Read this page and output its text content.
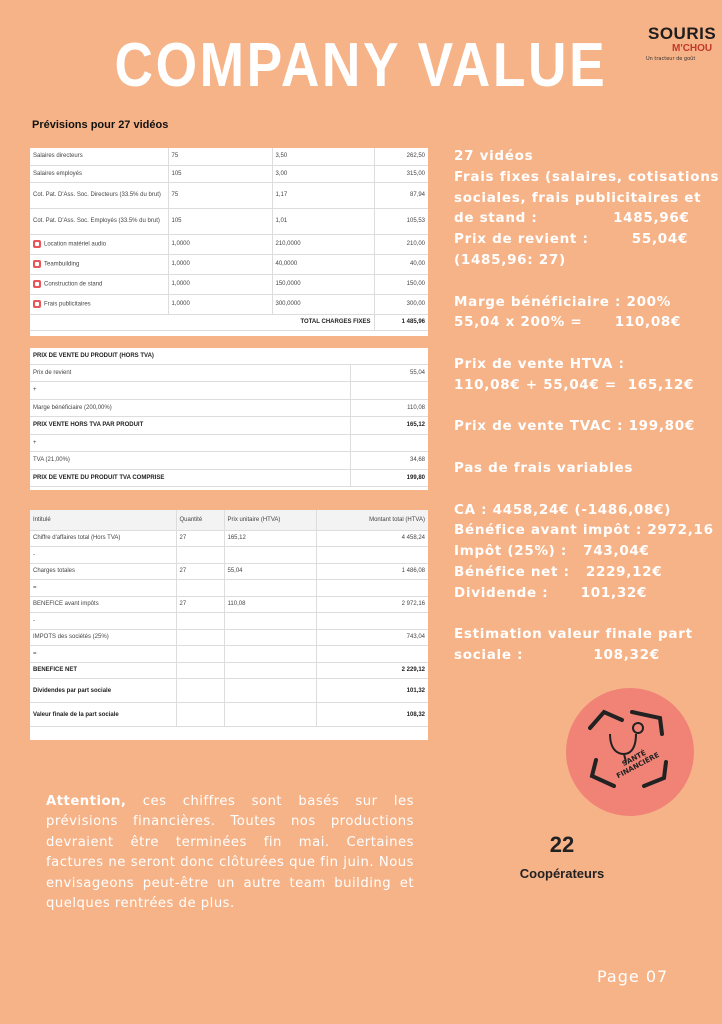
COMPANY VALUE	SOURIS
M'CHOU
Un tracteur de goût
Prévisions pour 27 vidéos
Salaires directeurs	75	3,50	262,50
Salaires employés	105	3,00	315,00
Cot. Pat. D'Ass. Soc. Directeurs (33.5% du brut)	75	1,17	87,94
Cot. Pat. D'Ass. Soc. Employés (33.5% du brut)	105	1,01	105,53
Location matériel audio	1,0000	210,0000	210,00
Teambuilding	1,0000	40,0000	40,00
Construction de stand	1,0000	150,0000	150,00
Frais publicitaires	1,0000	300,0000	300,00
TOTAL CHARGES FIXES			1 485,96
PRIX DE VENTE DU PRODUIT (HORS TVA)	
Prix de revient	55,04
+	
Marge bénéficiaire (200,00%)	110,08
PRIX VENTE HORS TVA PAR PRODUIT	165,12
+	
TVA (21,00%)	34,68
PRIX DE VENTE DU PRODUIT TVA COMPRISE	199,80
Intitulé	Quantité	Prix unitaire (HTVA)	Montant total (HTVA)
Chiffre d'affaires total (Hors TVA)	27	165,12	4 458,24
-			
Charges totales	27	55,04	1 486,08
=			
BENEFICE avant impôts	27	110,08	2 972,16
-			
IMPOTS des sociétés (25%)			743,04
=			
BENEFICE NET			2 229,12
Dividendes par part sociale			101,32
Valeur finale de la part sociale			108,32

27 vidéos

Frais fixes (salaires, cotisations

sociales, frais publicitaires et

de stand :              1485,96€

Prix de revient :        55,04€

(1485,96: 27)

Marge bénéficiaire : 200%

55,04 x 200% =      110,08€

Prix de vente HTVA :

110,08€ + 55,04€ =  165,12€

Prix de vente TVAC : 199,80€

Pas de frais variables

CA : 4458,24€ (-1486,08€)

Bénéfice avant impôt : 2972,16

Impôt (25%) :   743,04€

Bénéfice net :   2229,12€

Dividende :      101,32€

Estimation valeur finale part

sociale :             108,32€

SANTÉ
FINANCIÈRE
Attention, ces chiffres sont basés sur les prévisions financières. Toutes nos productions devraient être terminées fin mai. Certaines factures ne seront donc clôturées que fin juin. Nous envisageons peut-être un autre team building et quelques rentrées de plus.
22
Coopérateurs
Page 07
